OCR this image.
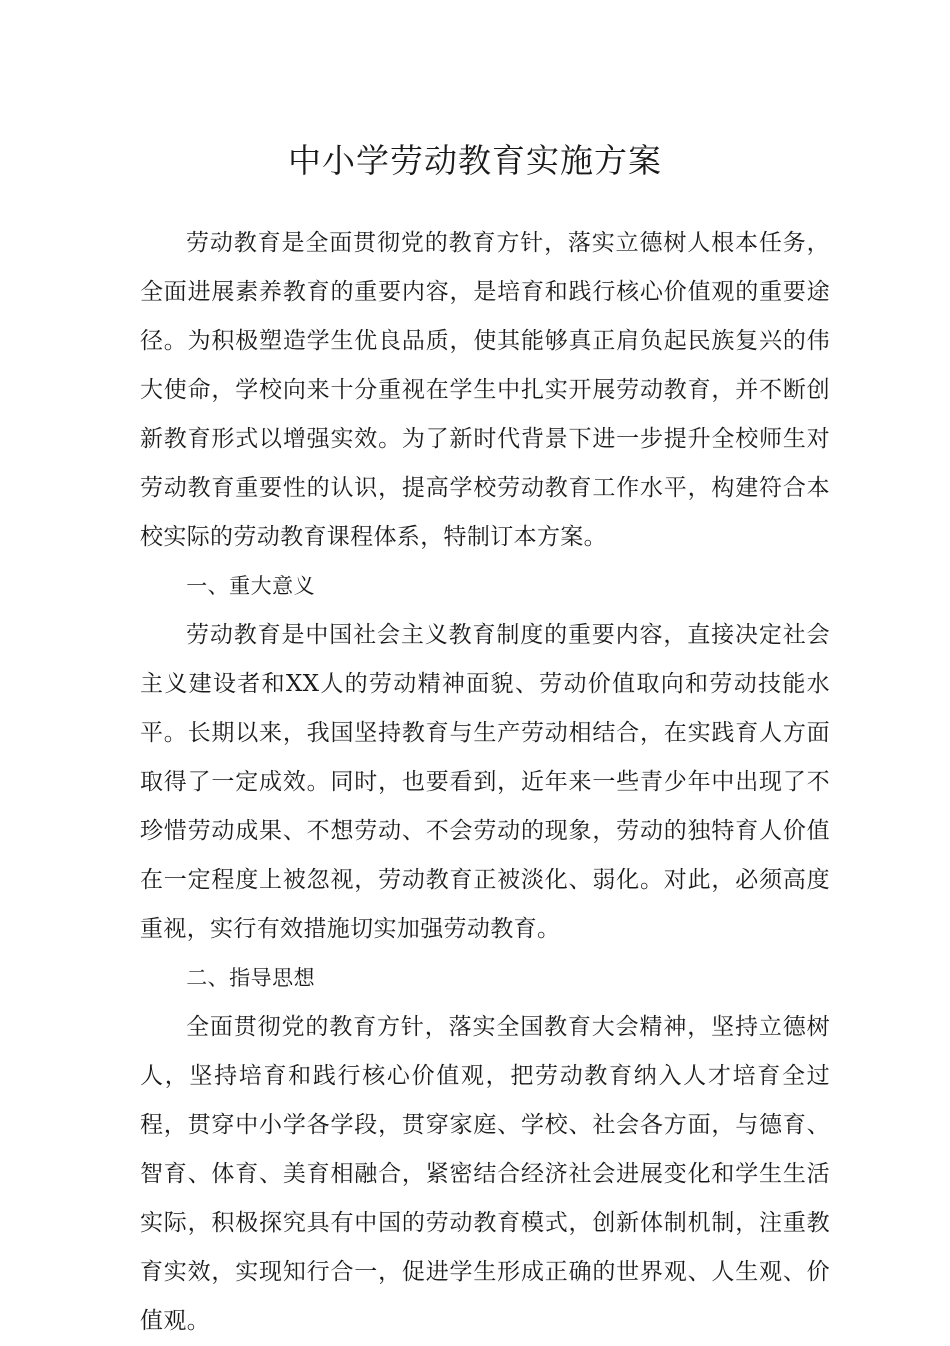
中小学劳动教育实施方案

劳动教育是全面贯彻党的教育方针，落实立德树人根本任务，全面进展素养教育的重要内容，是培育和践行核心价值观的重要途径。为积极塑造学生优良品质，使其能够真正肩负起民族复兴的伟大使命，学校向来十分重视在学生中扎实开展劳动教育，并不断创新教育形式以增强实效。为了新时代背景下进一步提升全校师生对劳动教育重要性的认识，提高学校劳动教育工作水平，构建符合本校实际的劳动教育课程体系，特制订本方案。

一、重大意义

劳动教育是中国社会主义教育制度的重要内容，直接决定社会主义建设者和XX人的劳动精神面貌、劳动价值取向和劳动技能水平。长期以来，我国坚持教育与生产劳动相结合，在实践育人方面取得了一定成效。同时，也要看到，近年来一些青少年中出现了不珍惜劳动成果、不想劳动、不会劳动的现象，劳动的独特育人价值在一定程度上被忽视，劳动教育正被淡化、弱化。对此，必须高度重视，实行有效措施切实加强劳动教育。

二、指导思想

全面贯彻党的教育方针，落实全国教育大会精神，坚持立德树人，坚持培育和践行核心价值观，把劳动教育纳入人才培育全过程，贯穿中小学各学段，贯穿家庭、学校、社会各方面，与德育、智育、体育、美育相融合，紧密结合经济社会进展变化和学生生活实际，积极探究具有中国的劳动教育模式，创新体制机制，注重教育实效，实现知行合一，促进学生形成正确的世界观、人生观、价值观。
